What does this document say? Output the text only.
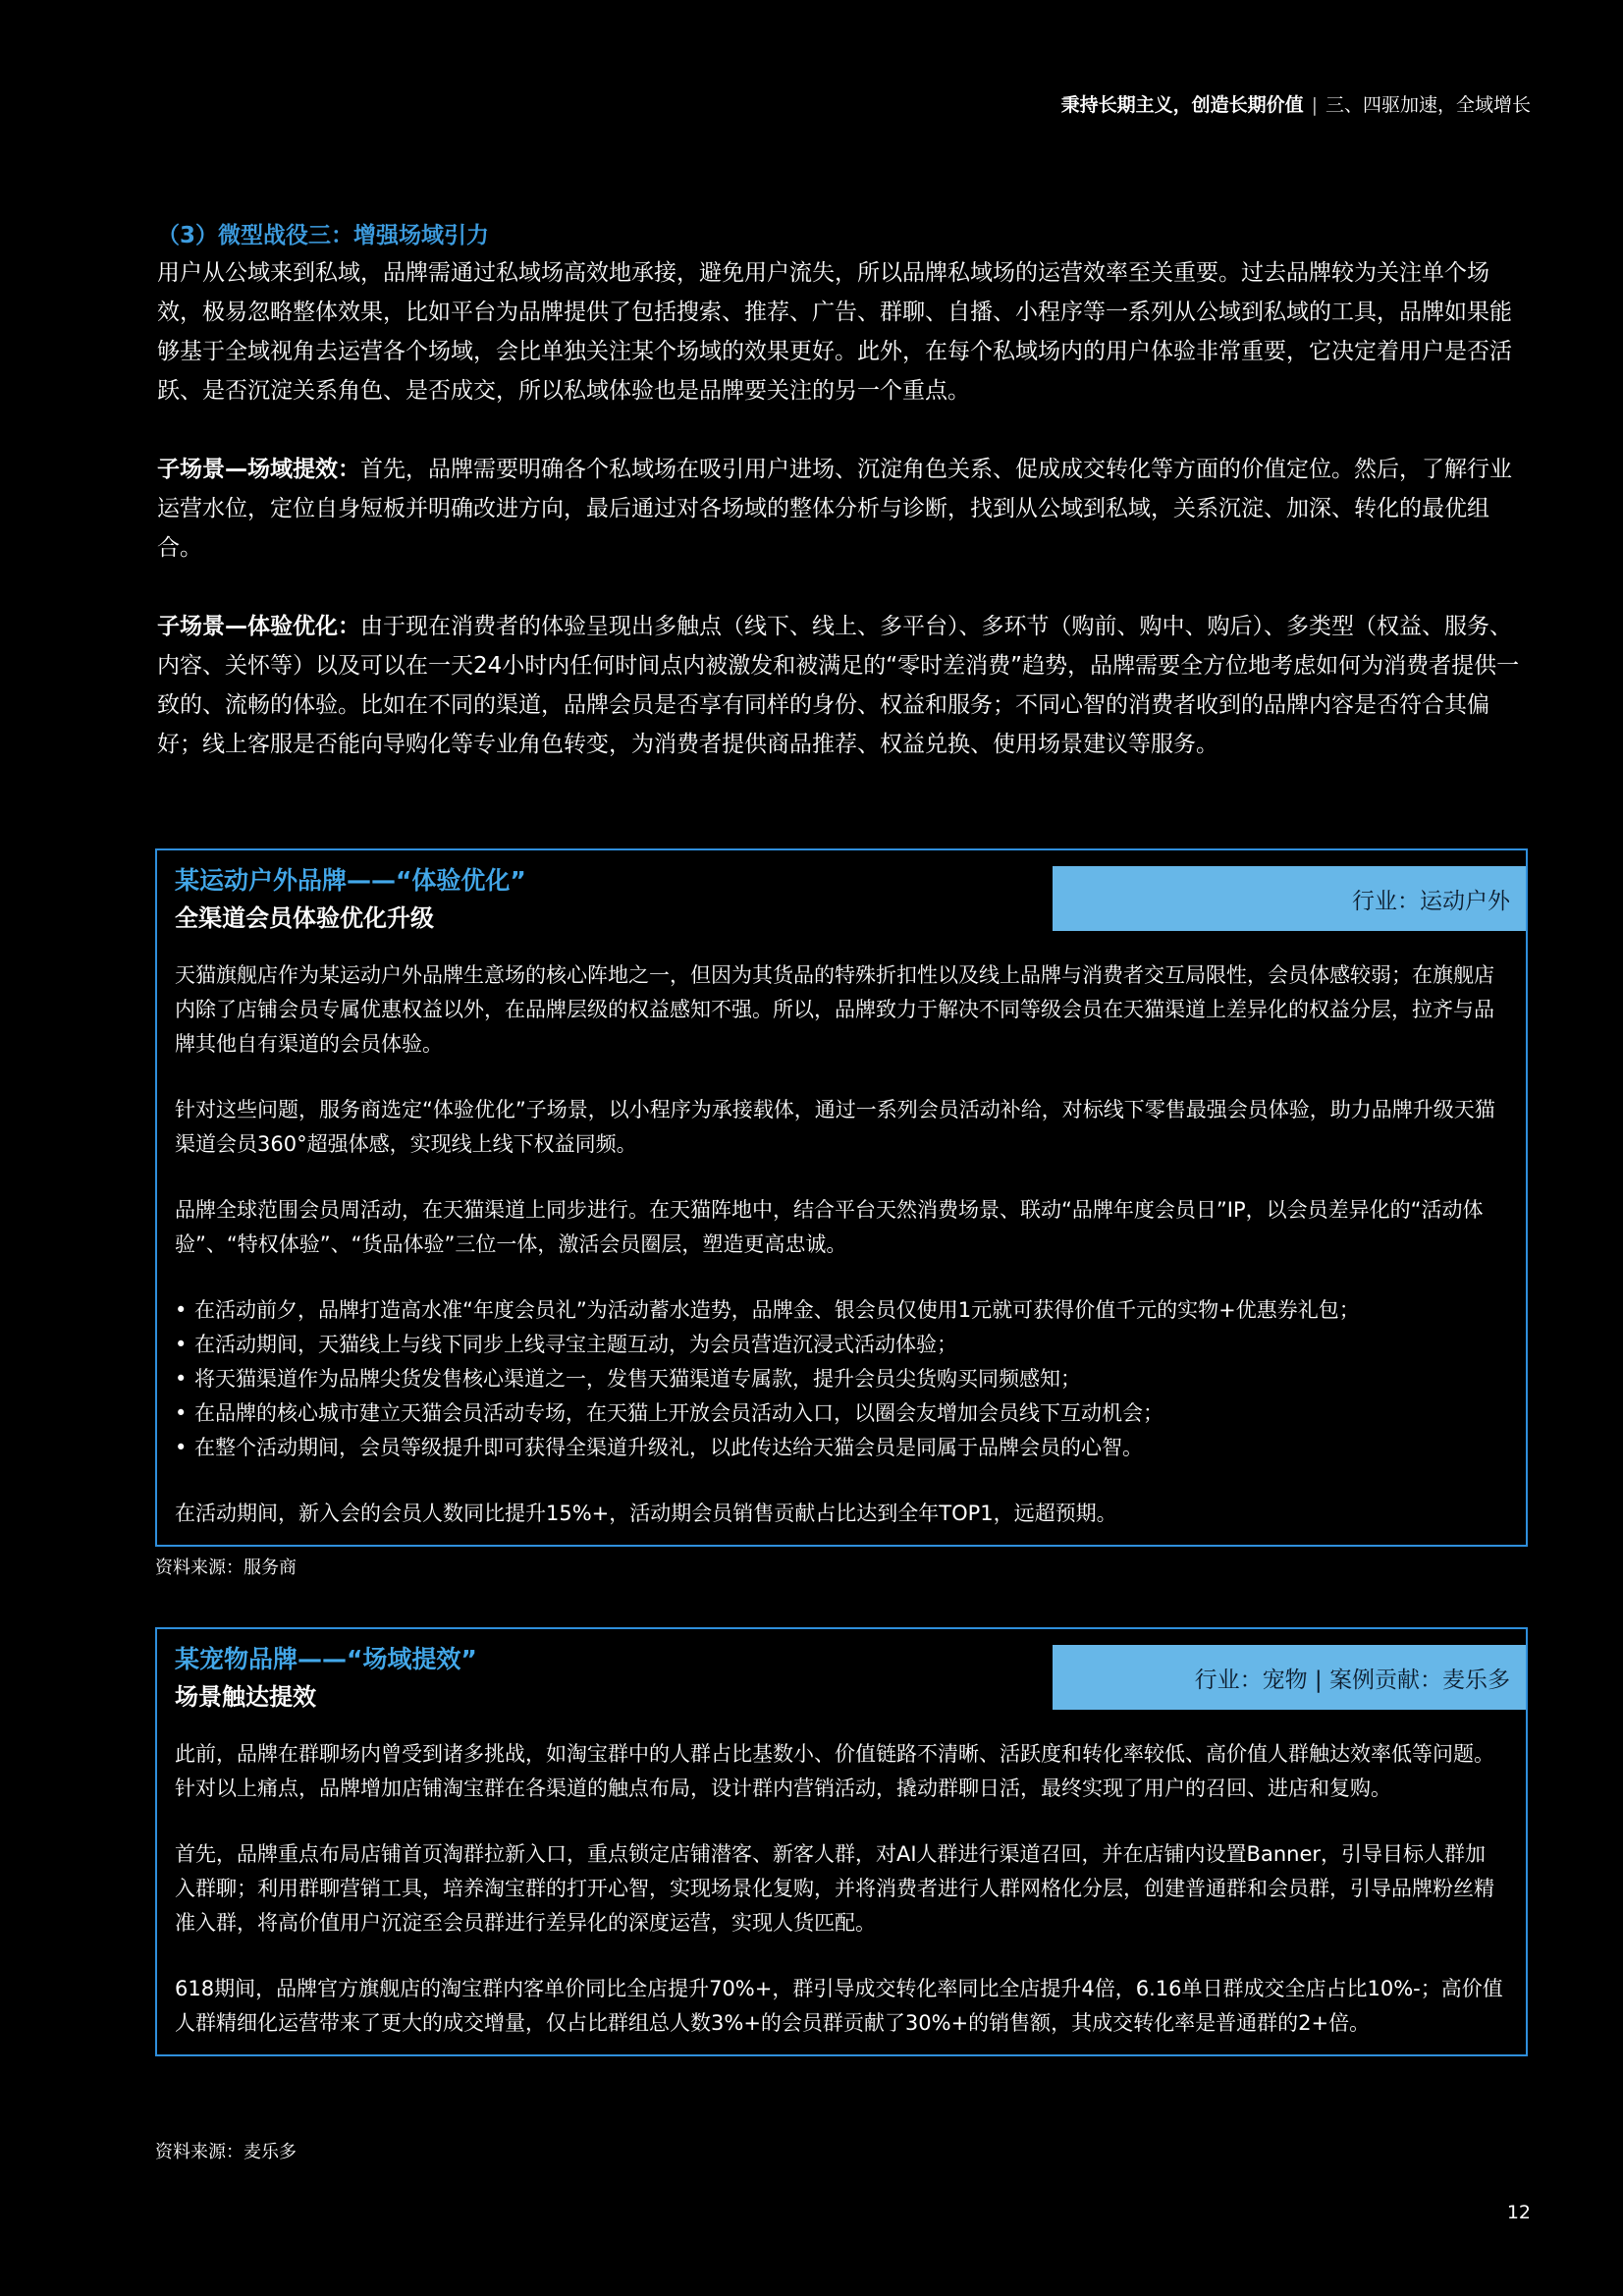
秉持长期主义，创造长期价值 | 三、四驱加速，全域增长

（3）微型战役三：增强场域引力

用户从公域来到私域，品牌需通过私域场高效地承接，避免用户流失，所以品牌私域场的运营效率至关重要。过去品牌较为关注单个场效，极易忽略整体效果，比如平台为品牌提供了包括搜索、推荐、广告、群聊、自播、小程序等一系列从公域到私域的工具，品牌如果能够基于全域视角去运营各个场域，会比单独关注某个场域的效果更好。此外，在每个私域场内的用户体验非常重要，它决定着用户是否活跃、是否沉淀关系角色、是否成交，所以私域体验也是品牌要关注的另一个重点。

子场景—场域提效：首先，品牌需要明确各个私域场在吸引用户进场、沉淀角色关系、促成成交转化等方面的价值定位。然后，了解行业运营水位，定位自身短板并明确改进方向，最后通过对各场域的整体分析与诊断，找到从公域到私域，关系沉淀、加深、转化的最优组合。

子场景—体验优化：由于现在消费者的体验呈现出多触点（线下、线上、多平台）、多环节（购前、购中、购后）、多类型（权益、服务、内容、关怀等）以及可以在一天24小时内任何时间点内被激发和被满足的“零时差消费”趋势，品牌需要全方位地考虑如何为消费者提供一致的、流畅的体验。比如在不同的渠道，品牌会员是否享有同样的身份、权益和服务；不同心智的消费者收到的品牌内容是否符合其偏好；线上客服是否能向导购化等专业角色转变，为消费者提供商品推荐、权益兑换、使用场景建议等服务。

某运动户外品牌——“体验优化”
全渠道会员体验优化升级
行业：运动户外

天猫旗舰店作为某运动户外品牌生意场的核心阵地之一，但因为其货品的特殊折扣性以及线上品牌与消费者交互局限性，会员体感较弱；在旗舰店内除了店铺会员专属优惠权益以外，在品牌层级的权益感知不强。所以，品牌致力于解决不同等级会员在天猫渠道上差异化的权益分层，拉齐与品牌其他自有渠道的会员体验。

针对这些问题，服务商选定“体验优化”子场景，以小程序为承接载体，通过一系列会员活动补给，对标线下零售最强会员体验，助力品牌升级天猫渠道会员360°超强体感，实现线上线下权益同频。

品牌全球范围会员周活动，在天猫渠道上同步进行。在天猫阵地中，结合平台天然消费场景、联动“品牌年度会员日”IP，以会员差异化的“活动体验”、“特权体验”、“货品体验”三位一体，激活会员圈层，塑造更高忠诚。

• 在活动前夕，品牌打造高水准“年度会员礼”为活动蓄水造势，品牌金、银会员仅使用1元就可获得价值千元的实物+优惠券礼包；
• 在活动期间，天猫线上与线下同步上线寻宝主题互动，为会员营造沉浸式活动体验；
• 将天猫渠道作为品牌尖货发售核心渠道之一，发售天猫渠道专属款，提升会员尖货购买同频感知；
• 在品牌的核心城市建立天猫会员活动专场，在天猫上开放会员活动入口，以圈会友增加会员线下互动机会；
• 在整个活动期间，会员等级提升即可获得全渠道升级礼，以此传达给天猫会员是同属于品牌会员的心智。

在活动期间，新入会的会员人数同比提升15%+，活动期会员销售贡献占比达到全年TOP1，远超预期。

资料来源：服务商
某宠物品牌——“场域提效”
场景触达提效
行业：宠物 | 案例贡献：麦乐多

此前，品牌在群聊场内曾受到诸多挑战，如淘宝群中的人群占比基数小、价值链路不清晰、活跃度和转化率较低、高价值人群触达效率低等问题。针对以上痛点，品牌增加店铺淘宝群在各渠道的触点布局，设计群内营销活动，撬动群聊日活，最终实现了用户的召回、进店和复购。

首先，品牌重点布局店铺首页淘群拉新入口，重点锁定店铺潜客、新客人群，对AI人群进行渠道召回，并在店铺内设置Banner，引导目标人群加入群聊；利用群聊营销工具，培养淘宝群的打开心智，实现场景化复购，并将消费者进行人群网格化分层，创建普通群和会员群，引导品牌粉丝精准入群，将高价值用户沉淀至会员群进行差异化的深度运营，实现人货匹配。

618期间，品牌官方旗舰店的淘宝群内客单价同比全店提升70%+，群引导成交转化率同比全店提升4倍，6.16单日群成交全店占比10%-；高价值人群精细化运营带来了更大的成交增量，仅占比群组总人数3%+的会员群贡献了30%+的销售额，其成交转化率是普通群的2+倍。

资料来源：麦乐多
12
